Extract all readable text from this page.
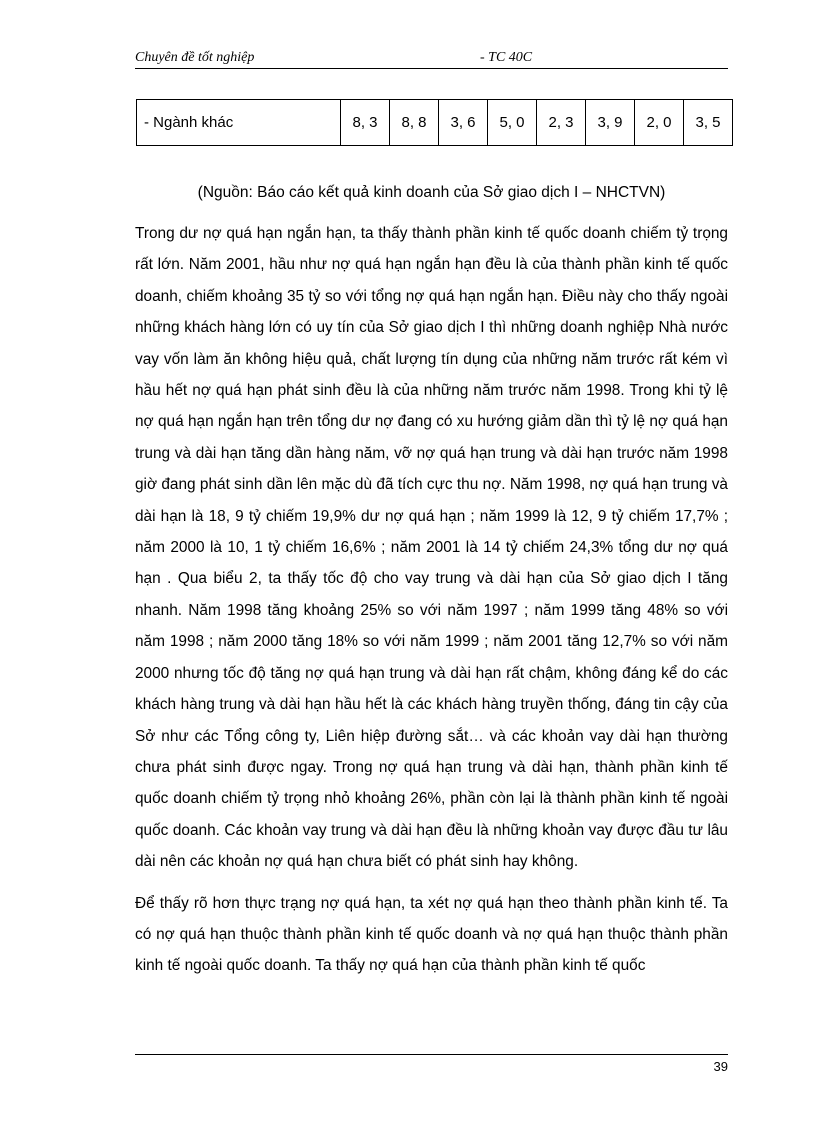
Chuyên đề tốt nghiệp	- TC 40C
- Ngành khác	8, 3	8, 8	3, 6	5, 0	2, 3	3, 9	2, 0	3, 5
(Nguồn: Báo cáo kết quả kinh doanh của Sở giao dịch I – NHCTVN)

Trong dư nợ quá hạn ngắn hạn, ta thấy thành phần kinh tế quốc doanh chiếm tỷ trọng rất lớn. Năm 2001, hầu như nợ quá hạn ngắn hạn đều là của thành phần kinh tế quốc doanh, chiếm khoảng 35 tỷ so với tổng nợ quá hạn ngắn hạn. Điều này cho thấy ngoài những khách hàng lớn có uy tín của Sở giao dịch I thì những doanh nghiệp Nhà nước vay vốn làm ăn không hiệu quả, chất lượng tín dụng của những năm trước rất kém vì hầu hết nợ quá hạn phát sinh đều là của những năm trước năm 1998. Trong khi tỷ lệ nợ quá hạn ngắn hạn trên tổng dư nợ đang có xu hướng giảm dần thì tỷ lệ nợ quá hạn trung và dài hạn tăng dần hàng năm, vỡ nợ quá hạn trung và dài hạn trước năm 1998 giờ đang phát sinh dần lên mặc dù đã tích cực thu nợ. Năm 1998, nợ quá hạn trung và dài hạn là 18, 9 tỷ chiếm 19,9% dư nợ quá hạn ; năm 1999 là 12, 9 tỷ chiếm 17,7% ; năm 2000 là 10, 1 tỷ chiếm 16,6% ; năm 2001 là 14 tỷ chiếm 24,3% tổng dư nợ quá hạn . Qua biểu 2, ta thấy tốc độ cho vay trung và dài hạn của Sở giao dịch I tăng nhanh. Năm 1998 tăng khoảng 25% so với năm 1997 ; năm 1999 tăng 48% so với năm 1998 ; năm 2000 tăng 18% so với năm 1999 ; năm 2001 tăng 12,7% so với năm 2000 nhưng tốc độ tăng nợ quá hạn trung và dài hạn rất chậm, không đáng kể do các khách hàng trung và dài hạn hầu hết là các khách hàng truyền thống, đáng tin cậy của Sở như các Tổng công ty, Liên hiệp đường sắt… và các khoản vay dài hạn thường chưa phát sinh được ngay. Trong nợ quá hạn trung và dài hạn, thành phần kinh tế quốc doanh chiếm tỷ trọng nhỏ khoảng 26%, phần còn lại là thành phần kinh tế ngoài quốc doanh. Các khoản vay trung và dài hạn đều là những khoản vay được đầu tư lâu dài nên các khoản nợ quá hạn chưa biết có phát sinh hay không.

Để thấy rõ hơn thực trạng nợ quá hạn, ta xét nợ quá hạn theo thành phần kinh tế. Ta có nợ quá hạn thuộc thành phần kinh tế quốc doanh và nợ quá hạn thuộc thành phần kinh tế ngoài quốc doanh. Ta thấy nợ quá hạn của thành phần kinh tế quốc

39
